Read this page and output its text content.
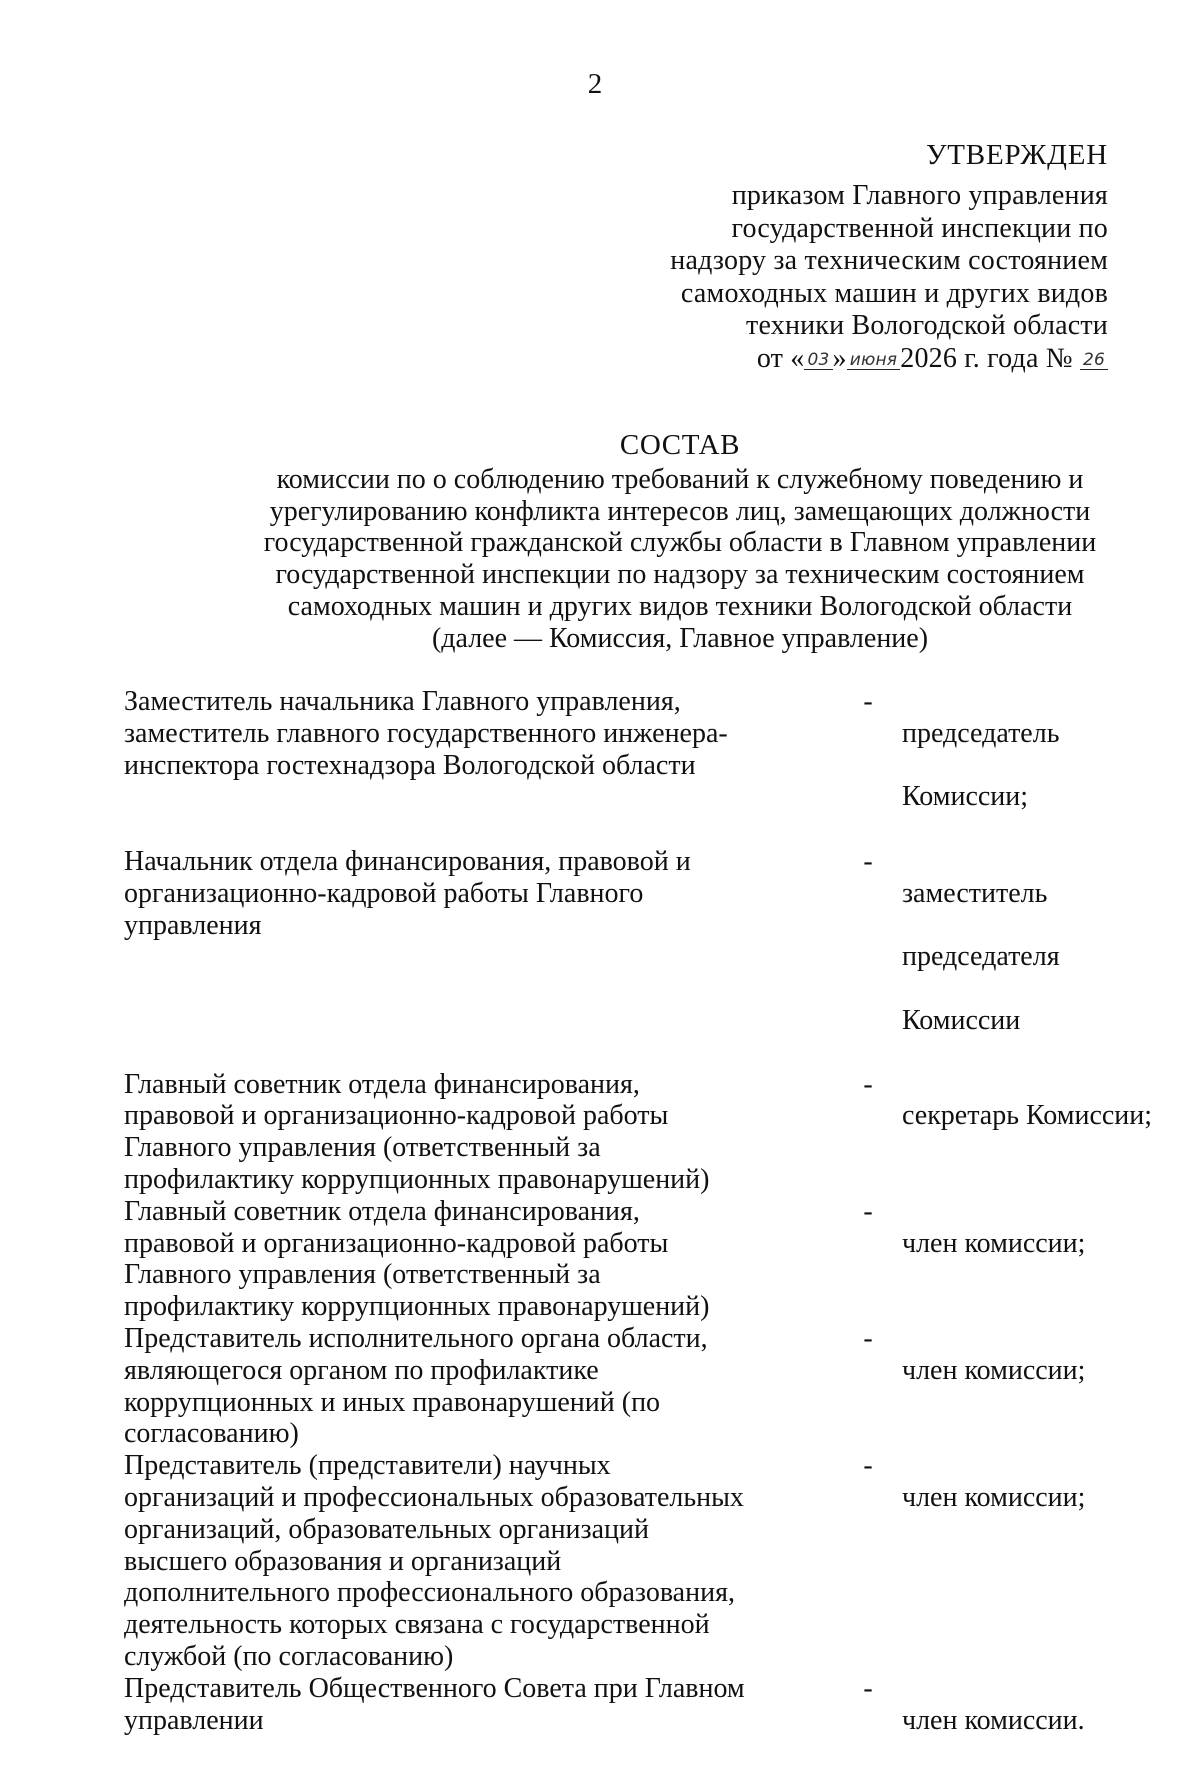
2
УТВЕРЖДЕН
приказом Главного управления
государственной инспекции по
надзору за техническим состоянием
самоходных машин и других видов
техники Вологодской области
от « 03 » июня 2026 г. года № 26
СОСТАВ
комиссии по о соблюдению требований к служебному поведению и
урегулированию конфликта интересов лиц, замещающих должности
государственной гражданской службы области в Главном управлении
государственной инспекции по надзору за техническим состоянием
самоходных машин и других видов техники Вологодской области
(далее — Комиссия, Главное управление)
Заместитель начальника Главного управления,
заместитель главного государственного инженера-
инспектора гостехнадзора Вологодской области
-

председатель

Комиссии;

Начальник отдела финансирования, правовой и
организационно-кадровой работы Главного
управления
-

заместитель

председателя

Комиссии

Главный советник отдела финансирования,
правовой и организационно-кадровой работы
Главного управления (ответственный за
профилактику коррупционных правонарушений)
-

секретарь Комиссии;

Главный советник отдела финансирования,
правовой и организационно-кадровой работы
Главного управления (ответственный за
профилактику коррупционных правонарушений)
-

член комиссии;

Представитель исполнительного органа области,
являющегося органом по профилактике
коррупционных и иных правонарушений (по
согласованию)
-

член комиссии;

Представитель (представители) научных
организаций и профессиональных образовательных
организаций, образовательных организаций
высшего образования и организаций
дополнительного профессионального образования,
деятельность которых связана с государственной
службой (по согласованию)
-

член комиссии;

Представитель Общественного Совета при Главном
управлении
-

член комиссии.
